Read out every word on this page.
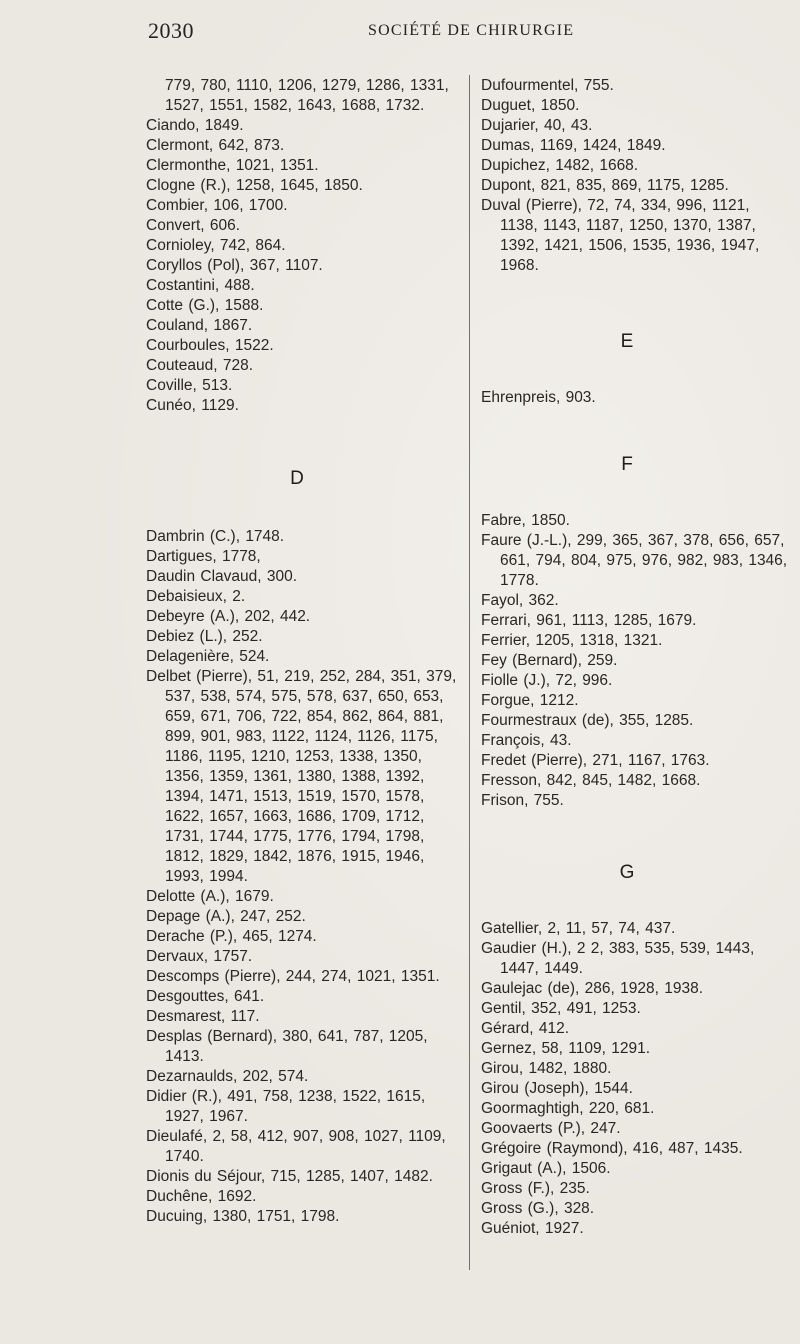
2030	SOCIÉTÉ DE CHIRURGIE
779, 780, 1110, 1206, 1279, 1286, 1331, 1527, 1551, 1582, 1643, 1688, 1732.
Ciando, 1849.
Clermont, 642, 873.
Clermonthe, 1021, 1351.
Clogne (R.), 1258, 1645, 1850.
Combier, 106, 1700.
Convert, 606.
Cornioley, 742, 864.
Coryllos (Pol), 367, 1107.
Costantini, 488.
Cotte (G.), 1588.
Couland, 1867.
Courboules, 1522.
Couteaud, 728.
Coville, 513.
Cunéo, 1129.
D
Dambrin (C.), 1748.
Dartigues, 1778,
Daudin Clavaud, 300.
Debaisieux, 2.
Debeyre (A.), 202, 442.
Debiez (L.), 252.
Delagenière, 524.
Delbet (Pierre), 51, 219, 252, 284, 351, 379, 537, 538, 574, 575, 578, 637, 650, 653, 659, 671, 706, 722, 854, 862, 864, 881, 899, 901, 983, 1122, 1124, 1126, 1175, 1186, 1195, 1210, 1253, 1338, 1350, 1356, 1359, 1361, 1380, 1388, 1392, 1394, 1471, 1513, 1519, 1570, 1578, 1622, 1657, 1663, 1686, 1709, 1712, 1731, 1744, 1775, 1776, 1794, 1798, 1812, 1829, 1842, 1876, 1915, 1946, 1993, 1994.
Delotte (A.), 1679.
Depage (A.), 247, 252.
Derache (P.), 465, 1274.
Dervaux, 1757.
Descomps (Pierre), 244, 274, 1021, 1351.
Desgouttes, 641.
Desmarest, 117.
Desplas (Bernard), 380, 641, 787, 1205, 1413.
Dezarnaulds, 202, 574.
Didier (R.), 491, 758, 1238, 1522, 1615, 1927, 1967.
Dieulafé, 2, 58, 412, 907, 908, 1027, 1109, 1740.
Dionis du Séjour, 715, 1285, 1407, 1482.
Duchêne, 1692.
Ducuing, 1380, 1751, 1798.
Dufourmentel, 755.
Duguet, 1850.
Dujarier, 40, 43.
Dumas, 1169, 1424, 1849.
Dupichez, 1482, 1668.
Dupont, 821, 835, 869, 1175, 1285.
Duval (Pierre), 72, 74, 334, 996, 1121, 1138, 1143, 1187, 1250, 1370, 1387, 1392, 1421, 1506, 1535, 1936, 1947, 1968.
E
Ehrenpreis, 903.
F
Fabre, 1850.
Faure (J.-L.), 299, 365, 367, 378, 656, 657, 661, 794, 804, 975, 976, 982, 983, 1346, 1778.
Fayol, 362.
Ferrari, 961, 1113, 1285, 1679.
Ferrier, 1205, 1318, 1321.
Fey (Bernard), 259.
Fiolle (J.), 72, 996.
Forgue, 1212.
Fourmestraux (de), 355, 1285.
François, 43.
Fredet (Pierre), 271, 1167, 1763.
Fresson, 842, 845, 1482, 1668.
Frison, 755.
G
Gatellier, 2, 11, 57, 74, 437.
Gaudier (H.), 2 2, 383, 535, 539, 1443, 1447, 1449.
Gaulejac (de), 286, 1928, 1938.
Gentil, 352, 491, 1253.
Gérard, 412.
Gernez, 58, 1109, 1291.
Girou, 1482, 1880.
Girou (Joseph), 1544.
Goormaghtigh, 220, 681.
Goovaerts (P.), 247.
Grégoire (Raymond), 416, 487, 1435.
Grigaut (A.), 1506.
Gross (F.), 235.
Gross (G.), 328.
Guéniot, 1927.
